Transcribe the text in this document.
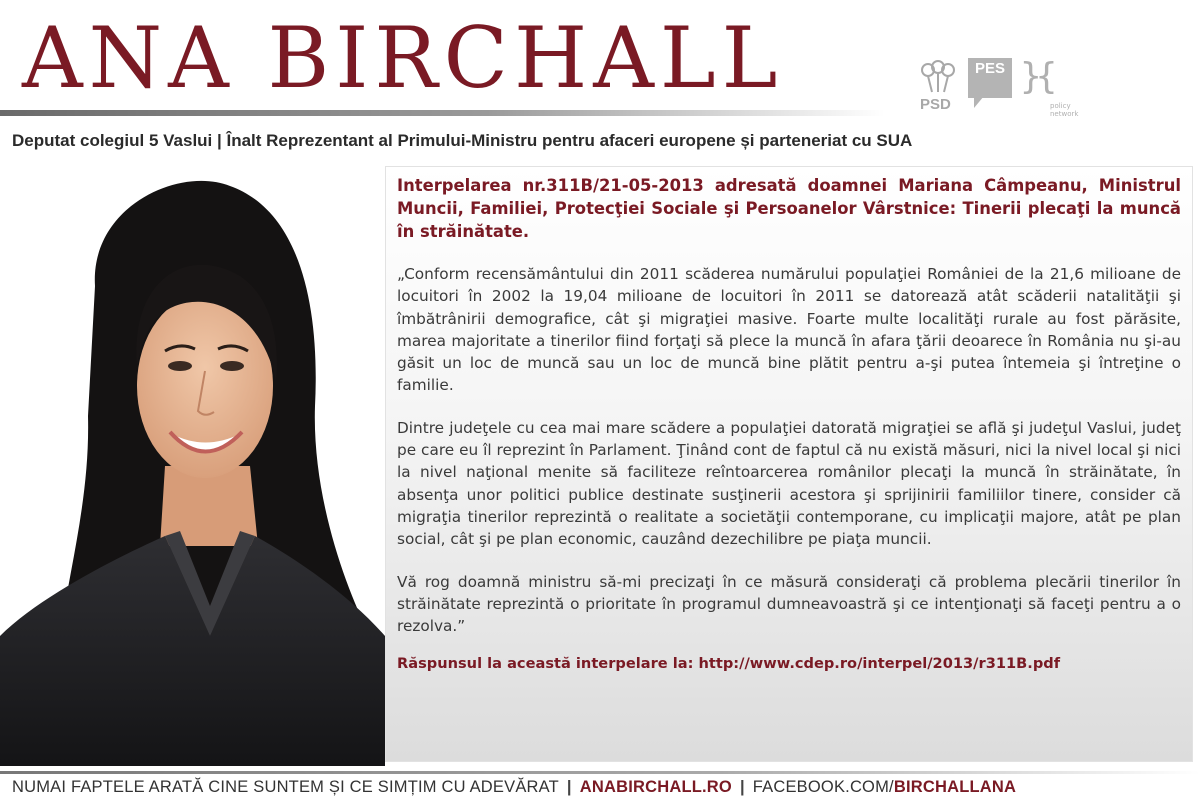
ANA BIRCHALL	PSD
PES }{
policy network
Deputat colegiul 5 Vaslui | Înalt Reprezentant al Primului-Ministru pentru afaceri europene și parteneriat cu SUA
Interpelarea nr.311B/21-05-2013 adresată doamnei Mariana Câmpeanu, Ministrul Muncii, Familiei, Protecţiei Sociale şi Persoanelor Vârstnice: Tinerii plecaţi la muncă în străinătate.

„Conform recensământului din 2011 scăderea numărului populaţiei României de la 21,6 milioane de locuitori în 2002 la 19,04 milioane de locuitori în 2011 se datorează atât scăderii natalităţii şi îmbătrânirii demografice, cât şi migraţiei masive. Foarte multe localităţi rurale au fost părăsite, marea majoritate a tinerilor fiind forţaţi să plece la muncă în afara ţării deoarece în România nu şi-au găsit un loc de muncă sau un loc de muncă bine plătit pentru a-şi putea întemeia şi întreţine o familie.

Dintre judeţele cu cea mai mare scădere a populaţiei datorată migraţiei se află şi judeţul Vaslui, judeţ pe care eu îl reprezint în Parlament. Ţinând cont de faptul că nu există măsuri, nici la nivel local şi nici la nivel naţional menite să faciliteze reîntoarcerea românilor plecaţi la muncă în străinătate, în absenţa unor politici publice destinate susţinerii acestora şi sprijinirii familiilor tinere, consider că migraţia tinerilor reprezintă o realitate a societăţii contemporane, cu implicaţii majore, atât pe plan social, cât şi pe plan economic, cauzând dezechilibre pe piaţa muncii.

Vă rog doamnă ministru să-mi precizaţi în ce măsură consideraţi că problema plecării tinerilor în străinătate reprezintă o prioritate în programul dumneavoastră şi ce intenţionaţi să faceţi pentru a o rezolva.”

Răspunsul la această interpelare la: http://www.cdep.ro/interpel/2013/r311B.pdf
NUMAI FAPTELE ARATĂ CINE SUNTEM ȘI CE SIMȚIM CU ADEVĂRAT | ANABIRCHALL.RO | FACEBOOK.COM/BIRCHALLANA
